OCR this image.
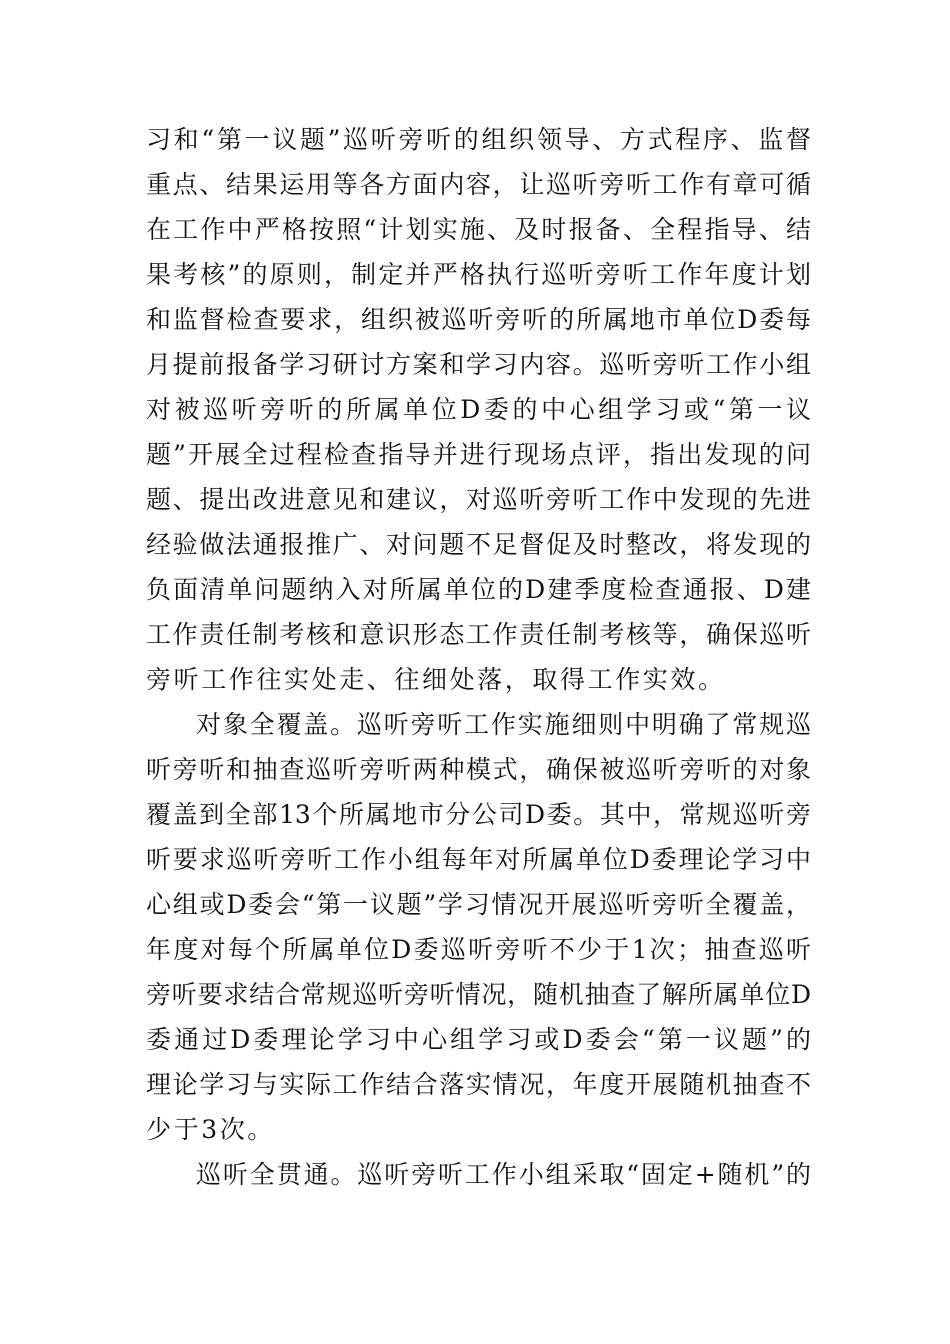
习和“第一议题”巡听旁听的组织领导、方式程序、监督
重点、结果运用等各方面内容，让巡听旁听工作有章可循
在工作中严格按照“计划实施、及时报备、全程指导、结
果考核”的原则，制定并严格执行巡听旁听工作年度计划
和监督检查要求，组织被巡听旁听的所属地市单位D委每
月提前报备学习研讨方案和学习内容。巡听旁听工作小组
对被巡听旁听的所属单位D委的中心组学习或“第一议
题”开展全过程检查指导并进行现场点评，指出发现的问
题、提出改进意见和建议，对巡听旁听工作中发现的先进
经验做法通报推广、对问题不足督促及时整改，将发现的
负面清单问题纳入对所属单位的D建季度检查通报、D建
工作责任制考核和意识形态工作责任制考核等，确保巡听
旁听工作往实处走、往细处落，取得工作实效。
对象全覆盖。巡听旁听工作实施细则中明确了常规巡
听旁听和抽查巡听旁听两种模式，确保被巡听旁听的对象
覆盖到全部13个所属地市分公司D委。其中，常规巡听旁
听要求巡听旁听工作小组每年对所属单位D委理论学习中
心组或D委会“第一议题”学习情况开展巡听旁听全覆盖，
年度对每个所属单位D委巡听旁听不少于1次；抽查巡听
旁听要求结合常规巡听旁听情况，随机抽查了解所属单位D
委通过D委理论学习中心组学习或D委会“第一议题”的
理论学习与实际工作结合落实情况，年度开展随机抽查不
少于3次。
巡听全贯通。巡听旁听工作小组采取“固定+随机”的
